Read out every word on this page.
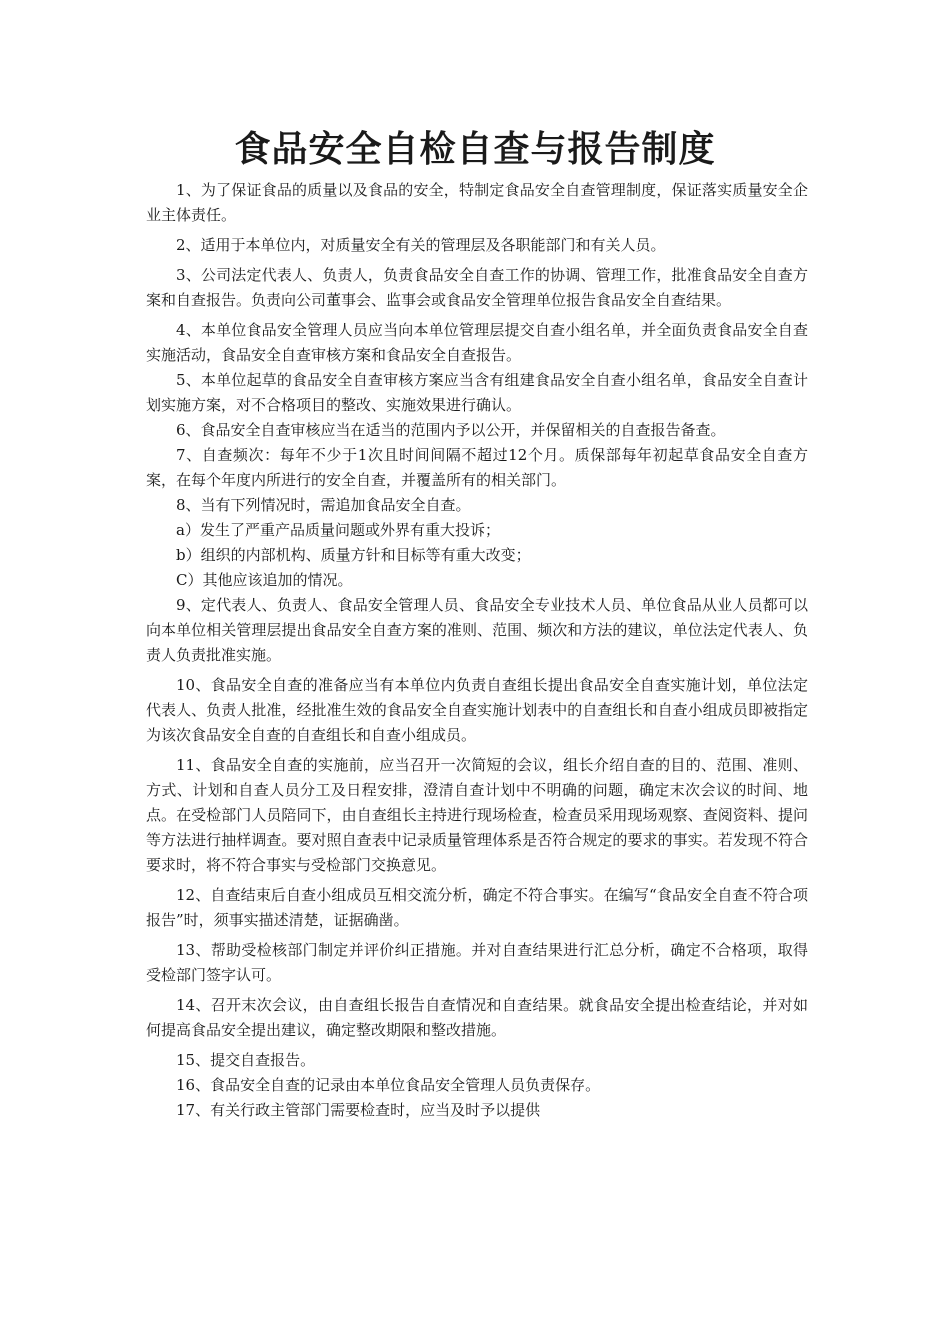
食品安全自检自查与报告制度

1、为了保证食品的质量以及食品的安全，特制定食品安全自查管理制度，保证落实质量安全企业主体责任。

2、适用于本单位内，对质量安全有关的管理层及各职能部门和有关人员。

3、公司法定代表人、负责人，负责食品安全自查工作的协调、管理工作，批准食品安全自查方案和自查报告。负责向公司董事会、监事会或食品安全管理单位报告食品安全自查结果。

4、本单位食品安全管理人员应当向本单位管理层提交自查小组名单，并全面负责食品安全自查实施活动，食品安全自查审核方案和食品安全自查报告。

5、本单位起草的食品安全自查审核方案应当含有组建食品安全自查小组名单，食品安全自查计划实施方案，对不合格项目的整改、实施效果进行确认。

6、食品安全自查审核应当在适当的范围内予以公开，并保留相关的自查报告备查。

7、自查频次：每年不少于1次且时间间隔不超过12个月。质保部每年初起草食品安全自查方案，在每个年度内所进行的安全自查，并覆盖所有的相关部门。

8、当有下列情况时，需追加食品安全自查。

a）发生了严重产品质量问题或外界有重大投诉；

b）组织的内部机构、质量方针和目标等有重大改变；

C）其他应该追加的情况。

9、定代表人、负责人、食品安全管理人员、食品安全专业技术人员、单位食品从业人员都可以向本单位相关管理层提出食品安全自查方案的准则、范围、频次和方法的建议，单位法定代表人、负责人负责批准实施。

10、食品安全自查的准备应当有本单位内负责自查组长提出食品安全自查实施计划，单位法定代表人、负责人批准，经批准生效的食品安全自查实施计划表中的自查组长和自查小组成员即被指定为该次食品安全自查的自查组长和自查小组成员。

11、食品安全自查的实施前，应当召开一次简短的会议，组长介绍自查的目的、范围、准则、方式、计划和自查人员分工及日程安排，澄清自查计划中不明确的问题，确定末次会议的时间、地点。在受检部门人员陪同下，由自查组长主持进行现场检查，检查员采用现场观察、查阅资料、提问等方法进行抽样调查。要对照自查表中记录质量管理体系是否符合规定的要求的事实。若发现不符合要求时，将不符合事实与受检部门交换意见。

12、自查结束后自查小组成员互相交流分析，确定不符合事实。在编写“食品安全自查不符合项报告”时，须事实描述清楚，证据确凿。

13、帮助受检核部门制定并评价纠正措施。并对自查结果进行汇总分析，确定不合格项，取得受检部门签字认可。

14、召开末次会议，由自查组长报告自查情况和自查结果。就食品安全提出检查结论，并对如何提高食品安全提出建议，确定整改期限和整改措施。

15、提交自查报告。

16、食品安全自查的记录由本单位食品安全管理人员负责保存。

17、有关行政主管部门需要检查时，应当及时予以提供
